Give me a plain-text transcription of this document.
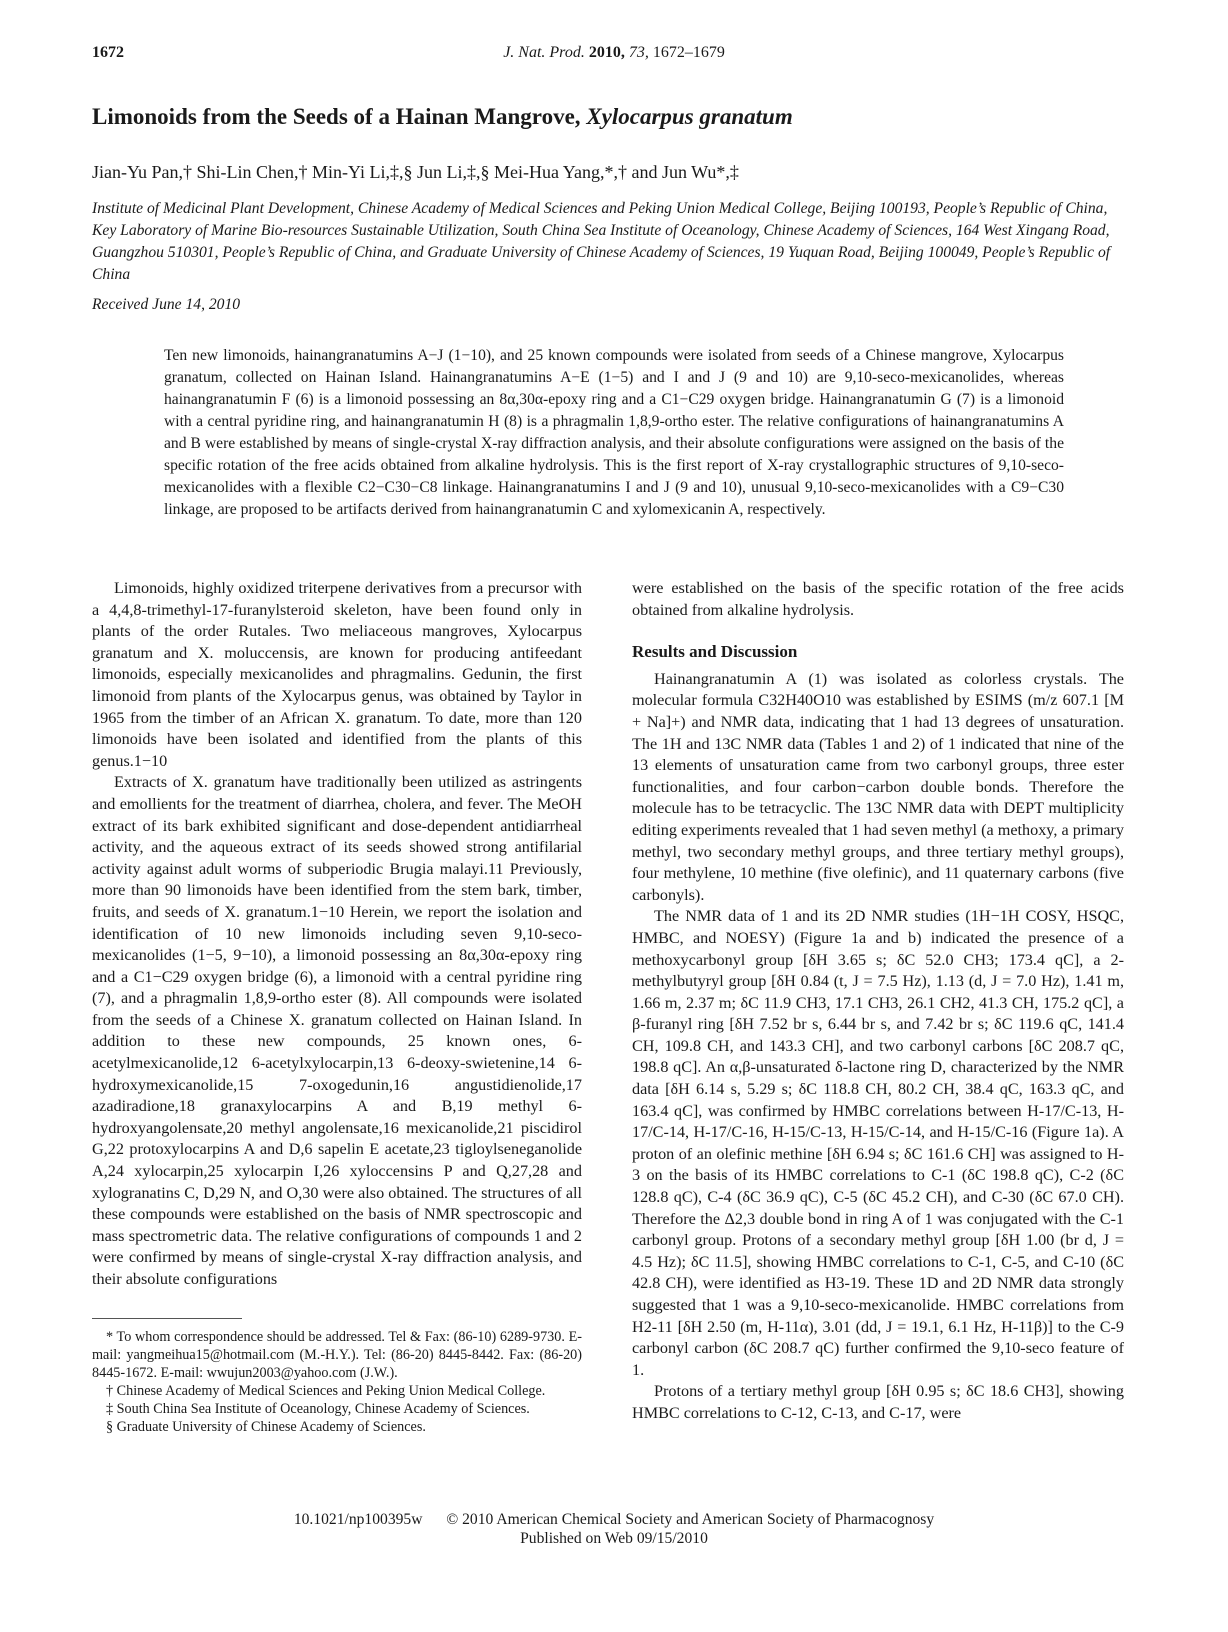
1672	J. Nat. Prod. 2010, 73, 1672–1679
Limonoids from the Seeds of a Hainan Mangrove, Xylocarpus granatum
Jian-Yu Pan,† Shi-Lin Chen,† Min-Yi Li,‡,§ Jun Li,‡,§ Mei-Hua Yang,*,† and Jun Wu*,‡
Institute of Medicinal Plant Development, Chinese Academy of Medical Sciences and Peking Union Medical College, Beijing 100193, People’s Republic of China, Key Laboratory of Marine Bio-resources Sustainable Utilization, South China Sea Institute of Oceanology, Chinese Academy of Sciences, 164 West Xingang Road, Guangzhou 510301, People’s Republic of China, and Graduate University of Chinese Academy of Sciences, 19 Yuquan Road, Beijing 100049, People’s Republic of China
Received June 14, 2010
Ten new limonoids, hainangranatumins A−J (1−10), and 25 known compounds were isolated from seeds of a Chinese mangrove, Xylocarpus granatum, collected on Hainan Island. Hainangranatumins A−E (1−5) and I and J (9 and 10) are 9,10-seco-mexicanolides, whereas hainangranatumin F (6) is a limonoid possessing an 8α,30α-epoxy ring and a C1−C29 oxygen bridge. Hainangranatumin G (7) is a limonoid with a central pyridine ring, and hainangranatumin H (8) is a phragmalin 1,8,9-ortho ester. The relative configurations of hainangranatumins A and B were established by means of single-crystal X-ray diffraction analysis, and their absolute configurations were assigned on the basis of the specific rotation of the free acids obtained from alkaline hydrolysis. This is the first report of X-ray crystallographic structures of 9,10-seco-mexicanolides with a flexible C2−C30−C8 linkage. Hainangranatumins I and J (9 and 10), unusual 9,10-seco-mexicanolides with a C9−C30 linkage, are proposed to be artifacts derived from hainangranatumin C and xylomexicanin A, respectively.

Limonoids, highly oxidized triterpene derivatives from a precursor with a 4,4,8-trimethyl-17-furanylsteroid skeleton, have been found only in plants of the order Rutales. Two meliaceous mangroves, Xylocarpus granatum and X. moluccensis, are known for producing antifeedant limonoids, especially mexicanolides and phragmalins. Gedunin, the first limonoid from plants of the Xylocarpus genus, was obtained by Taylor in 1965 from the timber of an African X. granatum. To date, more than 120 limonoids have been isolated and identified from the plants of this genus.1−10

Extracts of X. granatum have traditionally been utilized as astringents and emollients for the treatment of diarrhea, cholera, and fever. The MeOH extract of its bark exhibited significant and dose-dependent antidiarrheal activity, and the aqueous extract of its seeds showed strong antifilarial activity against adult worms of subperiodic Brugia malayi.11 Previously, more than 90 limonoids have been identified from the stem bark, timber, fruits, and seeds of X. granatum.1−10 Herein, we report the isolation and identification of 10 new limonoids including seven 9,10-seco-mexicanolides (1−5, 9−10), a limonoid possessing an 8α,30α-epoxy ring and a C1−C29 oxygen bridge (6), a limonoid with a central pyridine ring (7), and a phragmalin 1,8,9-ortho ester (8). All compounds were isolated from the seeds of a Chinese X. granatum collected on Hainan Island. In addition to these new compounds, 25 known ones, 6-acetylmexicanolide,12 6-acetylxylocarpin,13 6-deoxy-swietenine,14 6-hydroxymexicanolide,15 7-oxogedunin,16 angustidienolide,17 azadiradione,18 granaxylocarpins A and B,19 methyl 6-hydroxyangolensate,20 methyl angolensate,16 mexicanolide,21 piscidirol G,22 protoxylocarpins A and D,6 sapelin E acetate,23 tigloylseneganolide A,24 xylocarpin,25 xylocarpin I,26 xyloccensins P and Q,27,28 and xylogranatins C, D,29 N, and O,30 were also obtained. The structures of all these compounds were established on the basis of NMR spectroscopic and mass spectrometric data. The relative configurations of compounds 1 and 2 were confirmed by means of single-crystal X-ray diffraction analysis, and their absolute configurations

* To whom correspondence should be addressed. Tel & Fax: (86-10) 6289-9730. E-mail: yangmeihua15@hotmail.com (M.-H.Y.). Tel: (86-20) 8445-8442. Fax: (86-20) 8445-1672. E-mail: wwujun2003@yahoo.com (J.W.).

† Chinese Academy of Medical Sciences and Peking Union Medical College.

‡ South China Sea Institute of Oceanology, Chinese Academy of Sciences.

§ Graduate University of Chinese Academy of Sciences.

were established on the basis of the specific rotation of the free acids obtained from alkaline hydrolysis.

Results and Discussion

Hainangranatumin A (1) was isolated as colorless crystals. The molecular formula C32H40O10 was established by ESIMS (m/z 607.1 [M + Na]+) and NMR data, indicating that 1 had 13 degrees of unsaturation. The 1H and 13C NMR data (Tables 1 and 2) of 1 indicated that nine of the 13 elements of unsaturation came from two carbonyl groups, three ester functionalities, and four carbon−carbon double bonds. Therefore the molecule has to be tetracyclic. The 13C NMR data with DEPT multiplicity editing experiments revealed that 1 had seven methyl (a methoxy, a primary methyl, two secondary methyl groups, and three tertiary methyl groups), four methylene, 10 methine (five olefinic), and 11 quaternary carbons (five carbonyls).

The NMR data of 1 and its 2D NMR studies (1H−1H COSY, HSQC, HMBC, and NOESY) (Figure 1a and b) indicated the presence of a methoxycarbonyl group [δH 3.65 s; δC 52.0 CH3; 173.4 qC], a 2-methylbutyryl group [δH 0.84 (t, J = 7.5 Hz), 1.13 (d, J = 7.0 Hz), 1.41 m, 1.66 m, 2.37 m; δC 11.9 CH3, 17.1 CH3, 26.1 CH2, 41.3 CH, 175.2 qC], a β-furanyl ring [δH 7.52 br s, 6.44 br s, and 7.42 br s; δC 119.6 qC, 141.4 CH, 109.8 CH, and 143.3 CH], and two carbonyl carbons [δC 208.7 qC, 198.8 qC]. An α,β-unsaturated δ-lactone ring D, characterized by the NMR data [δH 6.14 s, 5.29 s; δC 118.8 CH, 80.2 CH, 38.4 qC, 163.3 qC, and 163.4 qC], was confirmed by HMBC correlations between H-17/C-13, H-17/C-14, H-17/C-16, H-15/C-13, H-15/C-14, and H-15/C-16 (Figure 1a). A proton of an olefinic methine [δH 6.94 s; δC 161.6 CH] was assigned to H-3 on the basis of its HMBC correlations to C-1 (δC 198.8 qC), C-2 (δC 128.8 qC), C-4 (δC 36.9 qC), C-5 (δC 45.2 CH), and C-30 (δC 67.0 CH). Therefore the Δ2,3 double bond in ring A of 1 was conjugated with the C-1 carbonyl group. Protons of a secondary methyl group [δH 1.00 (br d, J = 4.5 Hz); δC 11.5], showing HMBC correlations to C-1, C-5, and C-10 (δC 42.8 CH), were identified as H3-19. These 1D and 2D NMR data strongly suggested that 1 was a 9,10-seco-mexicanolide. HMBC correlations from H2-11 [δH 2.50 (m, H-11α), 3.01 (dd, J = 19.1, 6.1 Hz, H-11β)] to the C-9 carbonyl carbon (δC 208.7 qC) further confirmed the 9,10-seco feature of 1.

Protons of a tertiary methyl group [δH 0.95 s; δC 18.6 CH3], showing HMBC correlations to C-12, C-13, and C-17, were

10.1021/np100395w © 2010 American Chemical Society and American Society of Pharmacognosy
Published on Web 09/15/2010
